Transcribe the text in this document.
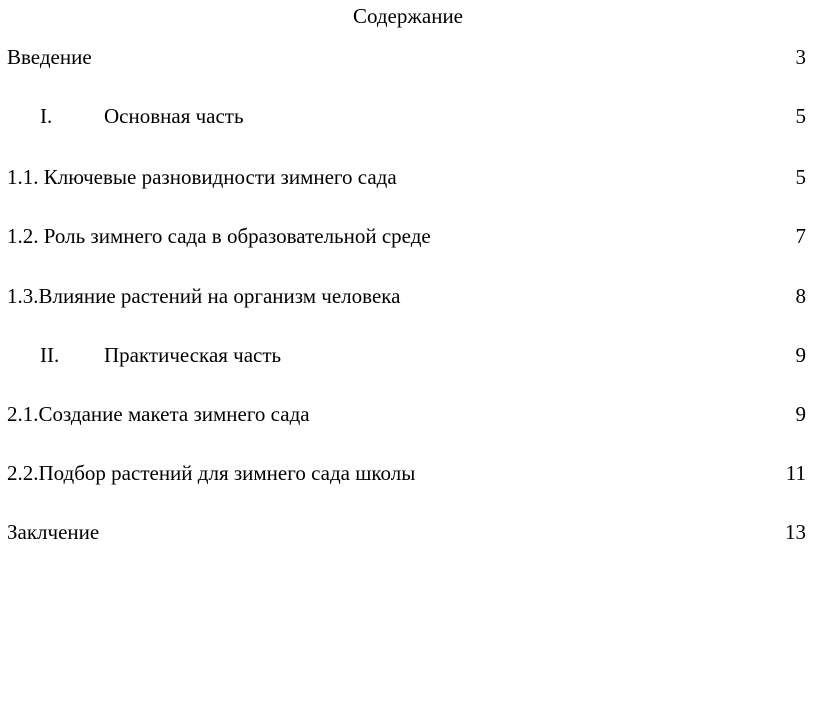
Содержание
Введение	3
I. Основная часть	5
1.1. Ключевые разновидности зимнего сада	5
1.2. Роль зимнего сада в образовательной среде	7
1.3.Влияние растений на организм человека	8
II. Практическая часть	9
2.1.Создание макета зимнего сада	9
2.2.Подбор растений для зимнего сада школы	11
Заклчение	13
